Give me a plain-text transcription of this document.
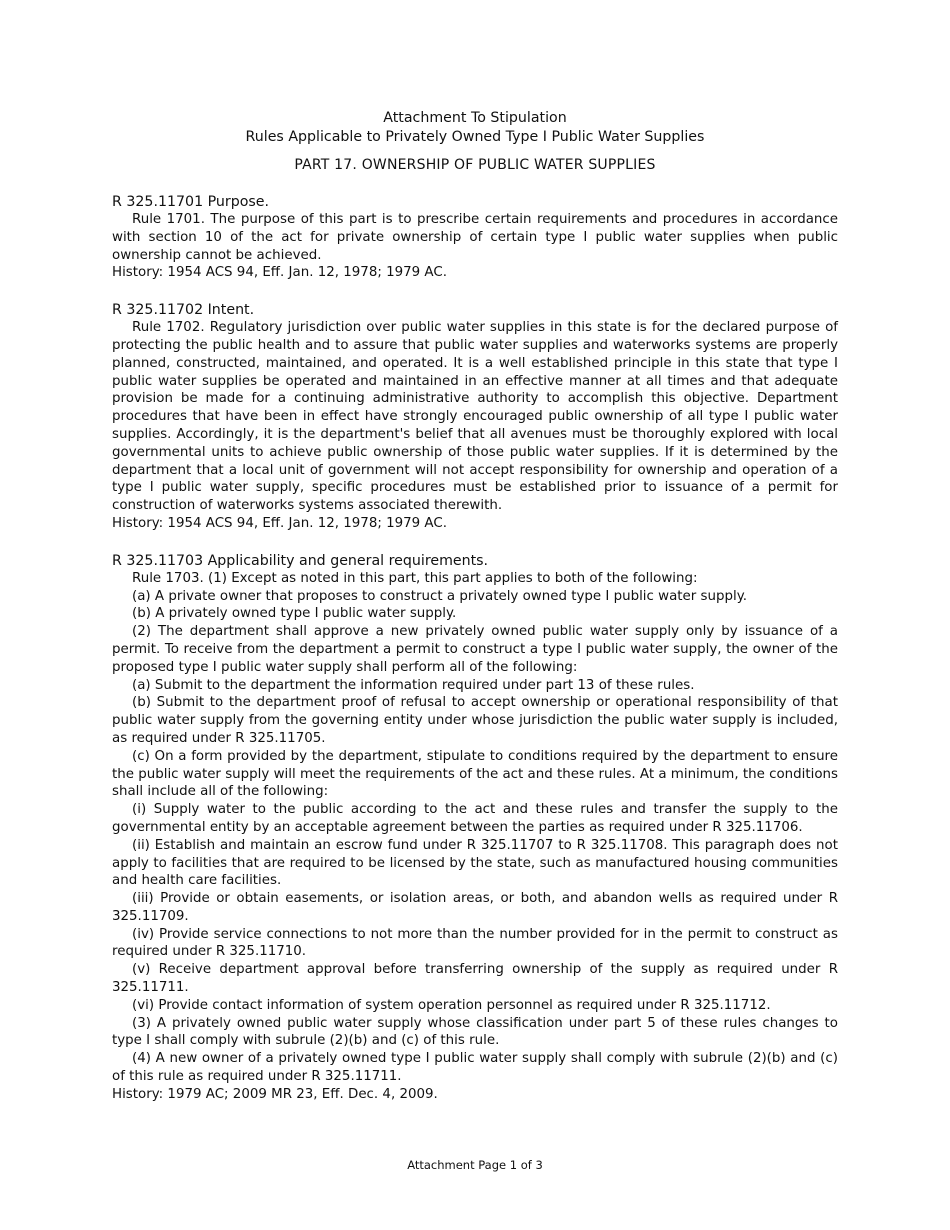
Attachment To Stipulation

Rules Applicable to Privately Owned Type I Public Water Supplies

PART 17. OWNERSHIP OF PUBLIC WATER SUPPLIES

R 325.11701 Purpose.

Rule 1701. The purpose of this part is to prescribe certain requirements and procedures in accordance with section 10 of the act for private ownership of certain type I public water supplies when public ownership cannot be achieved.

History: 1954 ACS 94, Eff. Jan. 12, 1978; 1979 AC.

R 325.11702 Intent.

Rule 1702. Regulatory jurisdiction over public water supplies in this state is for the declared purpose of protecting the public health and to assure that public water supplies and waterworks systems are properly planned, constructed, maintained, and operated. It is a well established principle in this state that type I public water supplies be operated and maintained in an effective manner at all times and that adequate provision be made for a continuing administrative authority to accomplish this objective. Department procedures that have been in effect have strongly encouraged public ownership of all type I public water supplies. Accordingly, it is the department's belief that all avenues must be thoroughly explored with local governmental units to achieve public ownership of those public water supplies. If it is determined by the department that a local unit of government will not accept responsibility for ownership and operation of a type I public water supply, specific procedures must be established prior to issuance of a permit for construction of waterworks systems associated therewith.

History: 1954 ACS 94, Eff. Jan. 12, 1978; 1979 AC.

R 325.11703 Applicability and general requirements.

Rule 1703. (1) Except as noted in this part, this part applies to both of the following:

(a) A private owner that proposes to construct a privately owned type I public water supply.

(b) A privately owned type I public water supply.

(2) The department shall approve a new privately owned public water supply only by issuance of a permit. To receive from the department a permit to construct a type I public water supply, the owner of the proposed type I public water supply shall perform all of the following:

(a) Submit to the department the information required under part 13 of these rules.

(b) Submit to the department proof of refusal to accept ownership or operational responsibility of that public water supply from the governing entity under whose jurisdiction the public water supply is included, as required under R 325.11705.

(c) On a form provided by the department, stipulate to conditions required by the department to ensure the public water supply will meet the requirements of the act and these rules. At a minimum, the conditions shall include all of the following:

(i) Supply water to the public according to the act and these rules and transfer the supply to the governmental entity by an acceptable agreement between the parties as required under R 325.11706.

(ii) Establish and maintain an escrow fund under R 325.11707 to R 325.11708. This paragraph does not apply to facilities that are required to be licensed by the state, such as manufactured housing communities and health care facilities.

(iii) Provide or obtain easements, or isolation areas, or both, and abandon wells as required under R 325.11709.

(iv) Provide service connections to not more than the number provided for in the permit to construct as required under R 325.11710.

(v) Receive department approval before transferring ownership of the supply as required under R 325.11711.

(vi) Provide contact information of system operation personnel as required under R 325.11712.

(3) A privately owned public water supply whose classification under part 5 of these rules changes to type I shall comply with subrule (2)(b) and (c) of this rule.

(4) A new owner of a privately owned type I public water supply shall comply with subrule (2)(b) and (c) of this rule as required under R 325.11711.

History: 1979 AC; 2009 MR 23, Eff. Dec. 4, 2009.

Attachment Page 1 of 3
